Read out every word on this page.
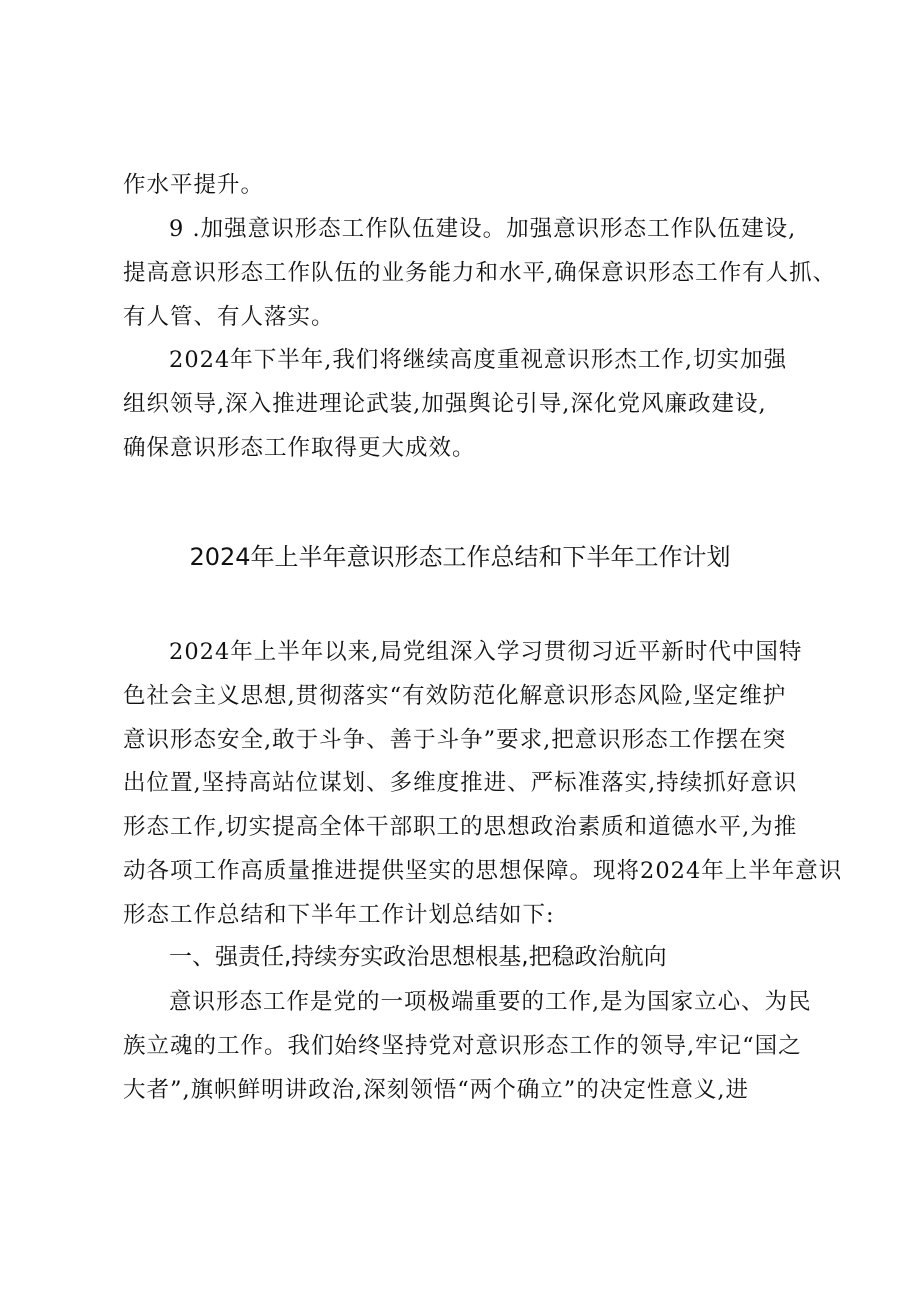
作水平提升。
9 .加强意识形态工作队伍建设。加强意识形态工作队伍建设,
提高意识形态工作队伍的业务能力和水平,确保意识形态工作有人抓、
有人管、有人落实。
2024年下半年,我们将继续高度重视意识形杰工作,切实加强
组织领导,深入推进理论武装,加强舆论引导,深化党风廉政建设,
确保意识形态工作取得更大成效。
2024年上半年意识形态工作总结和下半年工作计划
2024年上半年以来,局党组深入学习贯彻习近平新时代中国特
色社会主义思想,贯彻落实“有效防范化解意识形态风险,坚定维护
意识形态安全,敢于斗争、善于斗争”要求,把意识形态工作摆在突
出位置,坚持高站位谋划、多维度推进、严标准落实,持续抓好意识
形态工作,切实提高全体干部职工的思想政治素质和道德水平,为推
动各项工作高质量推进提供坚实的思想保障。现将2024年上半年意识
形态工作总结和下半年工作计划总结如下:
一、强责任,持续夯实政治思想根基,把稳政治航向
意识形态工作是党的一项极端重要的工作,是为国家立心、为民
族立魂的工作。我们始终坚持党对意识形态工作的领导,牢记“国之
大者”,旗帜鲜明讲政治,深刻领悟“两个确立”的决定性意义,进
